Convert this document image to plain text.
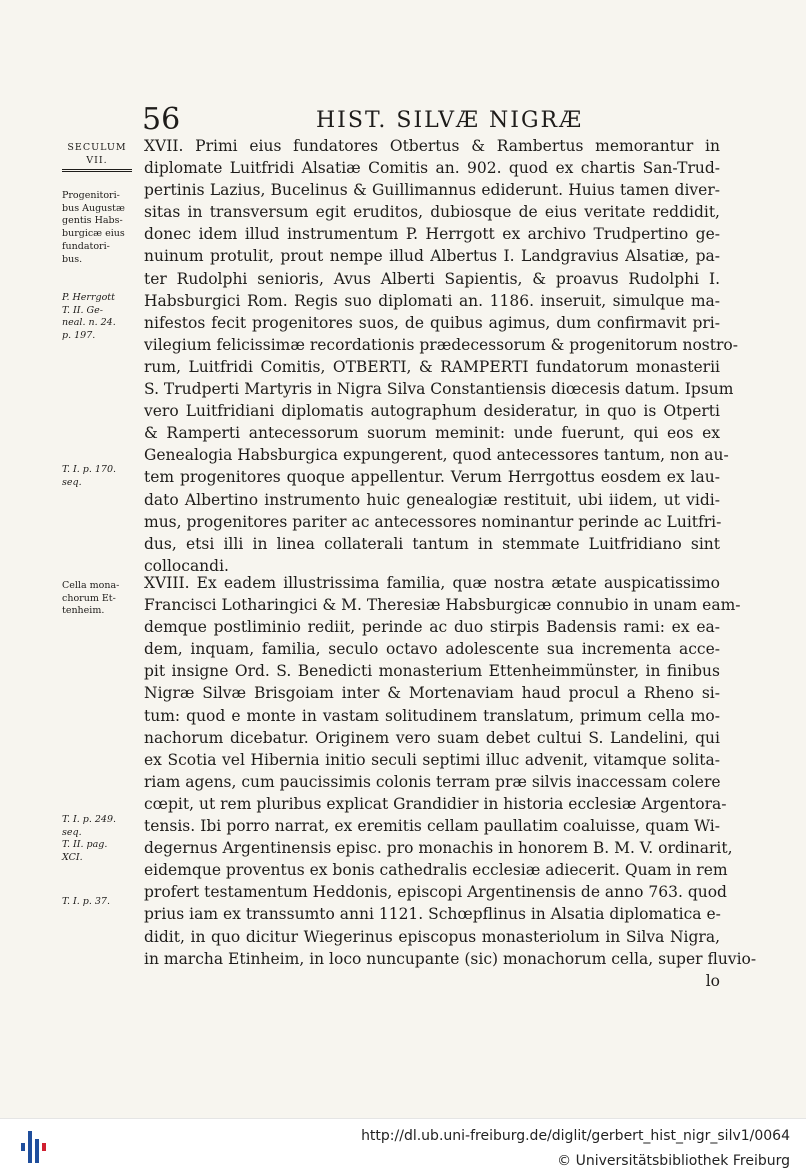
56	HIST. SILVÆ NIGRÆ
SECULUM
VII.
Progenitori-
bus Augustæ
gentis Habs-
burgicæ eius
fundatori-
bus.
P. Herrgott
T. II. Ge-
neal. n. 24.
p. 197.
T. I. p. 170.
seq.
Cella mona-
chorum Et-
tenheim.
T. I. p. 249.
seq.
T. II. pag.
XCI.
T. I. p. 37.
XVII. Primi eius fundatores Otbertus & Rambertus memorantur in
diplomate Luitfridi Alsatiæ Comitis an. 902. quod ex chartis San-Trud-
pertinis Lazius, Bucelinus & Guillimannus ediderunt. Huius tamen diver-
sitas in transversum egit eruditos, dubiosque de eius veritate reddidit,
donec idem illud instrumentum P. Herrgott ex archivo Trudpertino ge-
nuinum protulit, prout nempe illud Albertus I. Landgravius Alsatiæ, pa-
ter Rudolphi senioris, Avus Alberti Sapientis, & proavus Rudolphi I.
Habsburgici Rom. Regis suo diplomati an. 1186. inseruit, simulque ma-
nifestos fecit progenitores suos, de quibus agimus, dum confirmavit pri-
vilegium felicissimæ recordationis prædecessorum & progenitorum nostro-
rum, Luitfridi Comitis, OTBERTI, & RAMPERTI fundatorum monasterii
S. Trudperti Martyris in Nigra Silva Constantiensis diœcesis datum. Ipsum
vero Luitfridiani diplomatis autographum desideratur, in quo is Otperti
& Ramperti antecessorum suorum meminit: unde fuerunt, qui eos ex
Genealogia Habsburgica expungerent, quod antecessores tantum, non au-
tem progenitores quoque appellentur. Verum Herrgottus eosdem ex lau-
dato Albertino instrumento huic genealogiæ restituit, ubi iidem, ut vidi-
mus, progenitores pariter ac antecessores nominantur perinde ac Luitfri-
dus, etsi illi in linea collaterali tantum in stemmate Luitfridiano sint
collocandi.
XVIII. Ex eadem illustrissima familia, quæ nostra ætate auspicatissimo
Francisci Lotharingici & M. Theresiæ Habsburgicæ connubio in unam eam-
demque postliminio rediit, perinde ac duo stirpis Badensis rami: ex ea-
dem, inquam, familia, seculo octavo adolescente sua incrementa acce-
pit insigne Ord. S. Benedicti monasterium Ettenheimmünster, in finibus
Nigræ Silvæ Brisgoiam inter & Mortenaviam haud procul a Rheno si-
tum: quod e monte in vastam solitudinem translatum, primum cella mo-
nachorum dicebatur. Originem vero suam debet cultui S. Landelini, qui
ex Scotia vel Hibernia initio seculi septimi illuc advenit, vitamque solita-
riam agens, cum paucissimis colonis terram præ silvis inaccessam colere
cœpit, ut rem pluribus explicat Grandidier in historia ecclesiæ Argentora-
tensis. Ibi porro narrat, ex eremitis cellam paullatim coaluisse, quam Wi-
degernus Argentinensis episc. pro monachis in honorem B. M. V. ordinarit,
eidemque proventus ex bonis cathedralis ecclesiæ adiecerit. Quam in rem
profert testamentum Heddonis, episcopi Argentinensis de anno 763. quod
prius iam ex transsumto anni 1121. Schœpflinus in Alsatia diplomatica e-
didit, in quo dicitur Wiegerinus episcopus monasteriolum in Silva Nigra,
in marcha Etinheim, in loco nuncupante (sic) monachorum cella, super fluvio-
lo
http://dl.ub.uni-freiburg.de/diglit/gerbert_hist_nigr_silv1/0064
© Universitätsbibliothek Freiburg
